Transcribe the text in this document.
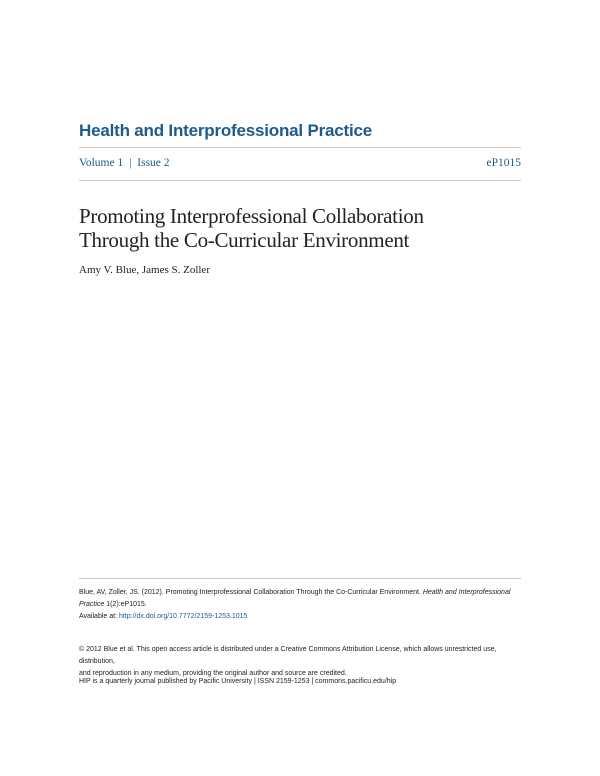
Health and Interprofessional Practice
Volume 1 | Issue 2	eP1015
Promoting Interprofessional Collaboration
Through the Co-Curricular Environment
Amy V. Blue, James S. Zoller
Blue, AV, Zoller, JS. (2012). Promoting Interprofessional Collaboration Through the Co-Curricular Environment. Health and Interprofessional Practice 1(2):eP1015.
Available at: http://dx.doi.org/10.7772/2159-1253.1015
© 2012 Blue et al. This open access article is distributed under a Creative Commons Attribution License, which allows unrestricted use, distribution,
and reproduction in any medium, providing the original author and source are credited.
HIP is a quarterly journal published by Pacific University | ISSN 2159-1253 | commons.pacificu.edu/hip
